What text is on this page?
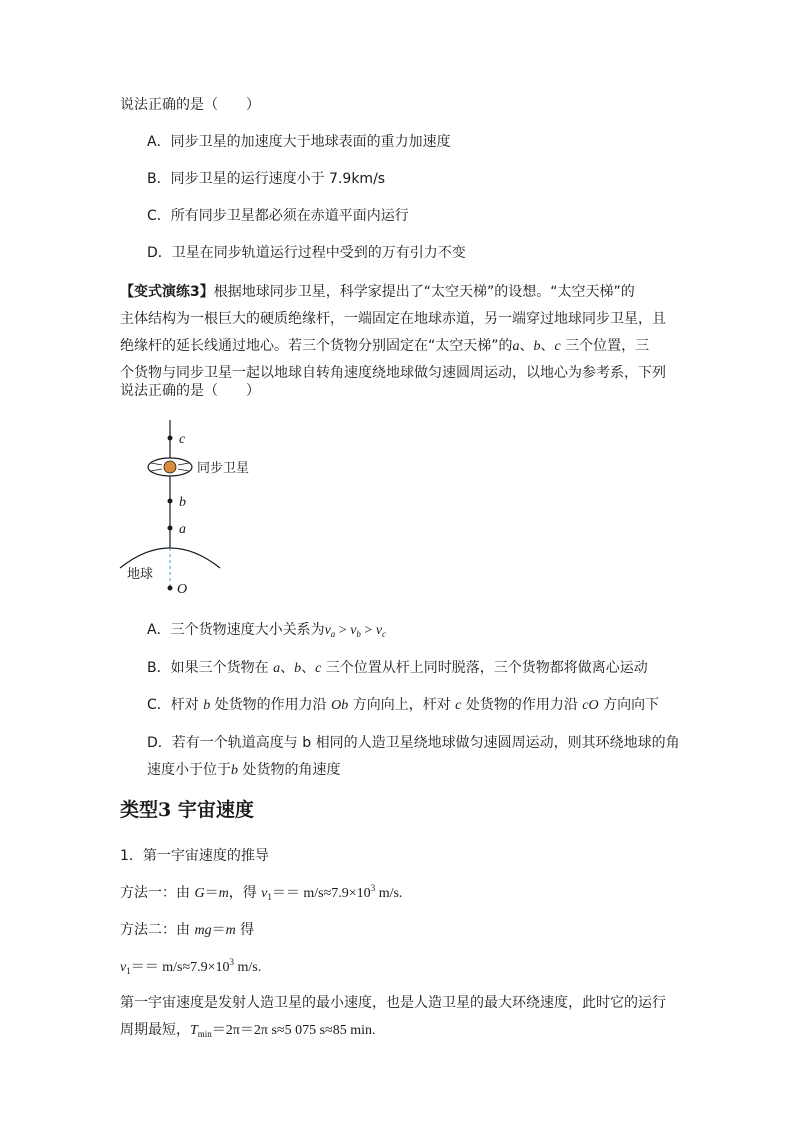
说法正确的是（　　）
A．同步卫星的加速度大于地球表面的重力加速度
B．同步卫星的运行速度小于 7.9km/s
C．所有同步卫星都必须在赤道平面内运行
D．卫星在同步轨道运行过程中受到的万有引力不变
【变式演练3】根据地球同步卫星，科学家提出了“太空天梯”的设想。“太空天梯”的
主体结构为一根巨大的硬质绝缘杆，一端固定在地球赤道，另一端穿过地球同步卫星，且
绝缘杆的延长线通过地心。若三个货物分别固定在“太空天梯”的a、b、c 三个位置，三
个货物与同步卫星一起以地球自转角速度绕地球做匀速圆周运动，以地心为参考系，下列
说法正确的是（　　）
c
同步卫星
b
a
地球
O
A．三个货物速度大小关系为$v_a > v_b > v_c$
B．如果三个货物在 a、b、c 三个位置从杆上同时脱落，三个货物都将做离心运动
C．杆对 b 处货物的作用力沿 Ob 方向向上，杆对 c 处货物的作用力沿 cO 方向向下
D．若有一个轨道高度与 b 相同的人造卫星绕地球做匀速圆周运动，则其环绕地球的角
速度小于位于b 处货物的角速度
类型3 宇宙速度
1．第一宇宙速度的推导
方法一：由 G＝m，得 $v_1== m/s\approx 7.9\times 10^3$ m/s.
方法二：由 mg＝m 得
$v_1== m/s\approx 7.9\times 10^3$ m/s.
第一宇宙速度是发射人造卫星的最小速度，也是人造卫星的最大环绕速度，此时它的运行
周期最短，$T_{min}=2\pi=2\pi$ s≈5 075 s≈85 min.
